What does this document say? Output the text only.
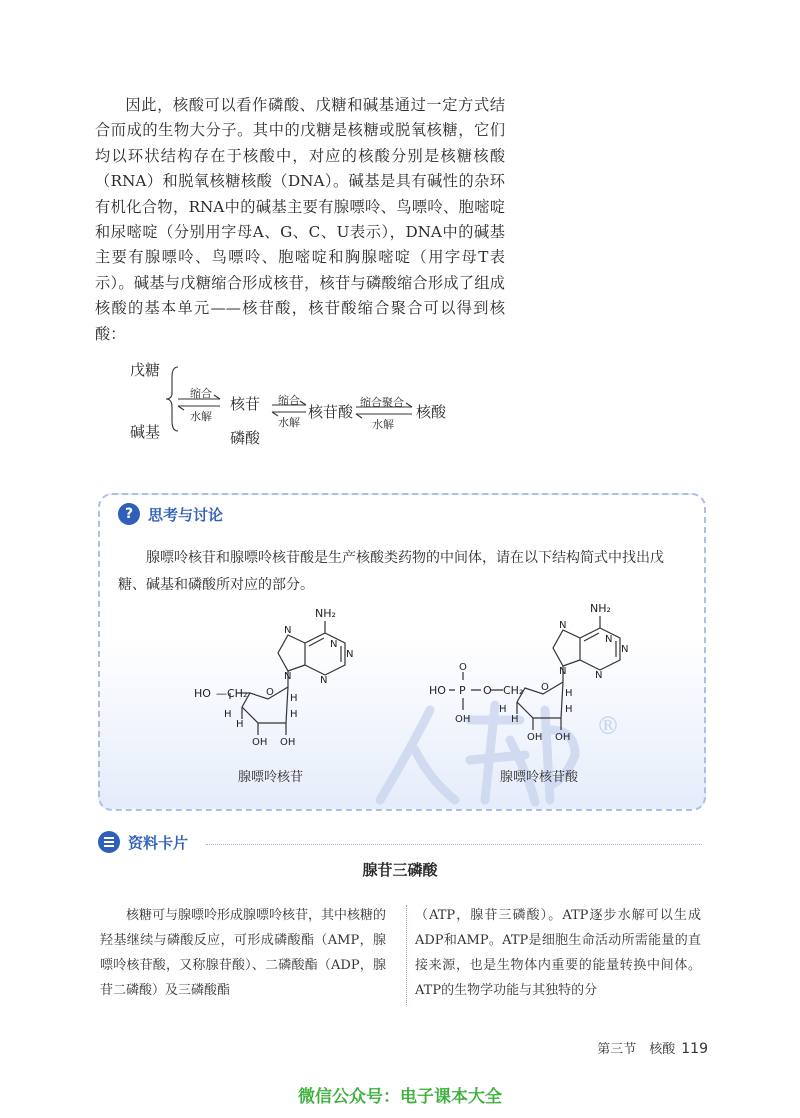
因此，核酸可以看作磷酸、戊糖和碱基通过一定方式结合而成的生物大分子。其中的戊糖是核糖或脱氧核糖，它们均以环状结构存在于核酸中，对应的核酸分别是核糖核酸（RNA）和脱氧核糖核酸（DNA）。碱基是具有碱性的杂环有机化合物，RNA中的碱基主要有腺嘌呤、鸟嘌呤、胞嘧啶和尿嘧啶（分别用字母A、G、C、U表示），DNA中的碱基主要有腺嘌呤、鸟嘌呤、胞嘧啶和胸腺嘧啶（用字母T表示）。碱基与戊糖缩合形成核苷，核苷与磷酸缩合形成了组成核酸的基本单元——核苷酸，核苷酸缩合聚合可以得到核酸：

戊糖
碱基
缩合
水解
核苷
磷酸
缩合
水解
核苷酸
缩合聚合
水解
核酸
®
? 思考与讨论

腺嘌呤核苷和腺嘌呤核苷酸是生产核酸类药物的中间体，请在以下结构简式中找出戊糖、碱基和磷酸所对应的部分。

NH₂
N
N
N
N
N
O
HO —CH₂
H
H
OH OH
H
H
腺嘌呤核苷
NH₂
N
N
N
N
N
O
O
HO P O CH₂
OH
H
H
OH OH
H
H
腺嘌呤核苷酸
资料卡片
腺苷三磷酸

核糖可与腺嘌呤形成腺嘌呤核苷，其中核糖的羟基继续与磷酸反应，可形成磷酸酯（AMP，腺嘌呤核苷酸，又称腺苷酸）、二磷酸酯（ADP，腺苷二磷酸）及三磷酸酯

（ATP，腺苷三磷酸）。ATP逐步水解可以生成ADP和AMP。ATP是细胞生命活动所需能量的直接来源，也是生物体内重要的能量转换中间体。ATP的生物学功能与其独特的分

第三节　核酸 119
微信公众号：电子课本大全
